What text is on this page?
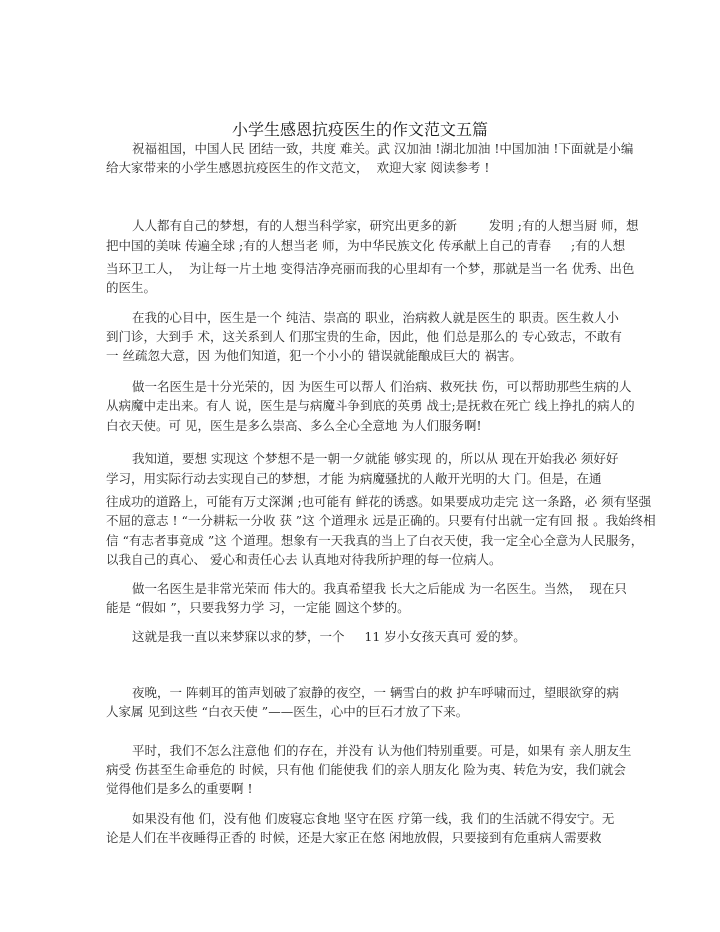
小学生感恩抗疫医生的作文范文五篇
祝福祖国，中国人民 团结一致，共度 难关。武 汉加油 !湖北加油 !中国加油 !下面就是小编
给大家带来的小学生感恩抗疫医生的作文范文，  欢迎大家 阅读参考 !
人人都有自己的梦想，有的人想当科学家，研究出更多的新        发明 ;有的人想当厨 师，想
把中国的美味 传遍全球 ;有的人想当老 师，为中华民族文化 传承献上自己的青春     ;有的人想
当环卫工人，  为让每一片土地 变得洁净亮丽而我的心里却有一个梦，那就是当一名 优秀、出色
的医生。
在我的心目中，医生是一个 纯洁、崇高的 职业，治病救人就是医生的 职责。医生救人小
到门诊，大到手 术，这关系到人 们那宝贵的生命，因此，他 们总是那么的 专心致志，不敢有
一 丝疏忽大意，因 为他们知道，犯一个小小的 错误就能酿成巨大的 祸害。
做一名医生是十分光荣的，因 为医生可以帮人 们治病、救死扶 伤，可以帮助那些生病的人
从病魔中走出来。有人 说，医生是与病魔斗争到底的英勇 战士;是抚救在死亡 线上挣扎的病人的
白衣天使。可 见，医生是多么崇高、多么全心全意地 为人们服务啊!
我知道，要想 实现这 个梦想不是一朝一夕就能 够实现 的，所以从 现在开始我必 须好好
学习，用实际行动去实现自己的梦想，才能 为病魔骚扰的人敞开光明的大 门。但是，在通
往成功的道路上，可能有万丈深渊 ;也可能有 鲜花的诱惑。如果要成功走完 这一条路，必 须有坚强
不屈的意志 ! “一分耕耘一分收 获 ”这 个道理永 远是正确的。只要有付出就一定有回 报 。我始终相
信 “有志者事竟成 ”这 个道理。想象有一天我真的当上了白衣天使，我一定全心全意为人民服务，
以我自己的真心、 爱心和责任心去 认真地对待我所护理的每一位病人。
做一名医生是非常光荣而 伟大的。我真希望我 长大之后能成 为一名医生。当然，  现在只
能是 “假如 ”，只要我努力学 习，一定能 圆这个梦的。
这就是我一直以来梦寐以求的梦，一个     11 岁小女孩天真可 爱的梦。
夜晚，一 阵刺耳的笛声划破了寂静的夜空，一 辆雪白的救 护车呼啸而过，望眼欲穿的病
人家属 见到这些 “白衣天使 ”——医生，心中的巨石才放了下来。
平时，我们不怎么注意他 们的存在，并没有 认为他们特别重要。可是，如果有 亲人朋友生
病受 伤甚至生命垂危的 时候，只有他 们能使我 们的亲人朋友化 险为夷、转危为安，我们就会
觉得他们是多么的重要啊 !
如果没有他 们，没有他 们废寝忘食地 坚守在医 疗第一线，我 们的生活就不得安宁。无
论是人们在半夜睡得正香的 时候，还是大家正在悠 闲地放假，只要接到有危重病人需要救
